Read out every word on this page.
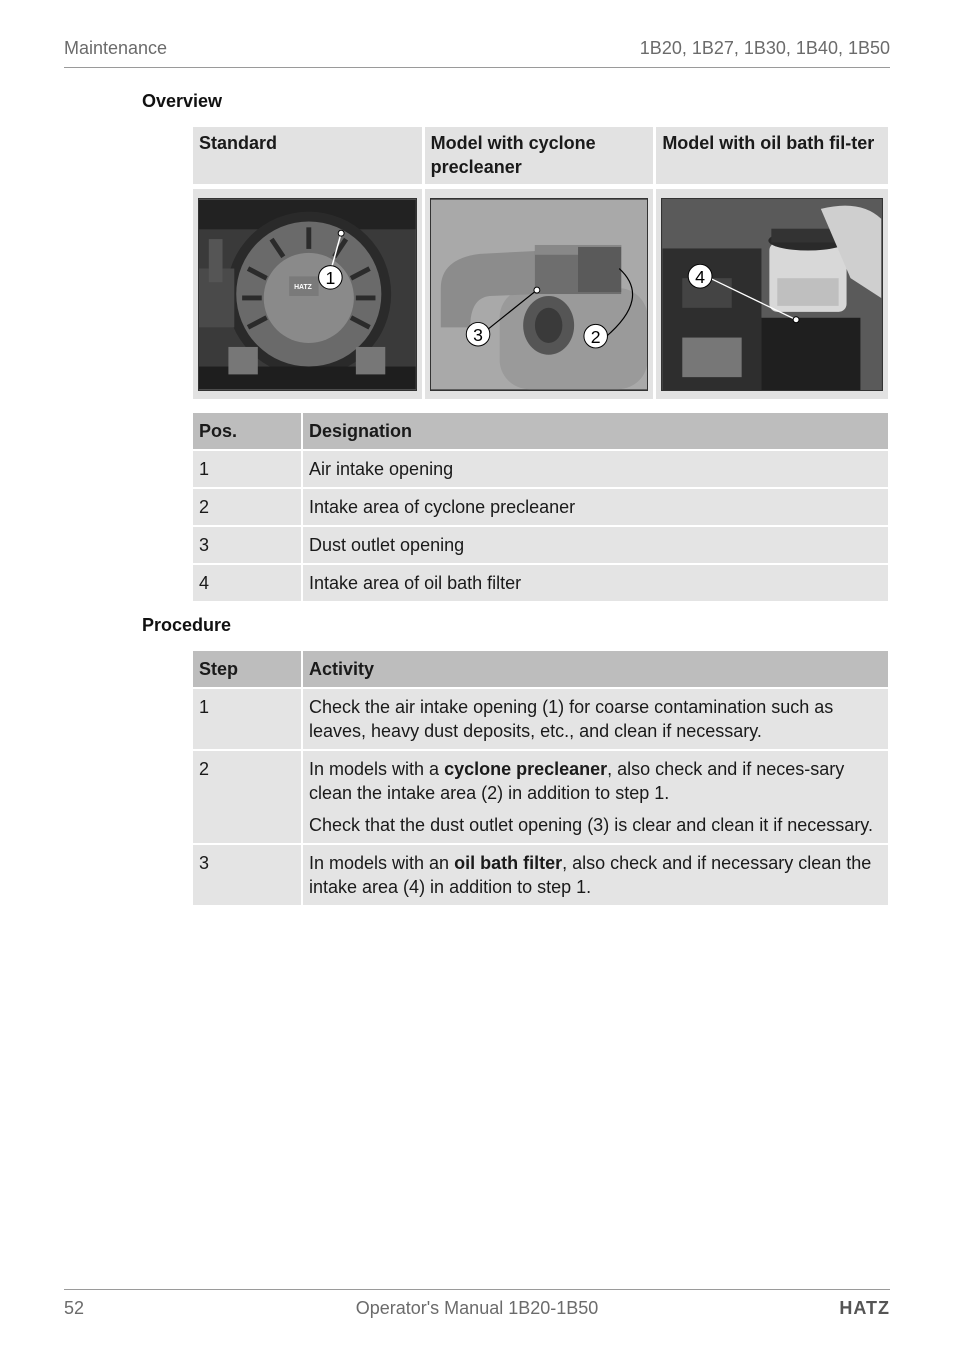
Maintenance	1B20, 1B27, 1B30, 1B40, 1B50
Overview
Standard	Model with cyclone precleaner	Model with oil bath fil-ter

HATZ 1	3 2	4
Pos.	Designation
1	Air intake opening
2	Intake area of cyclone precleaner
3	Dust outlet opening
4	Intake area of oil bath filter
Procedure
Step	Activity
1	Check the air intake opening (1) for coarse contamination such as leaves, heavy dust deposits, etc., and clean if necessary.

2	In models with a cyclone precleaner, also check and if neces-sary clean the intake area (2) in addition to step 1.

Check that the dust outlet opening (3) is clear and clean it if necessary.

3	In models with an oil bath filter, also check and if necessary clean the intake area (4) in addition to step 1.

52	Operator's Manual 1B20-1B50	HATZ
